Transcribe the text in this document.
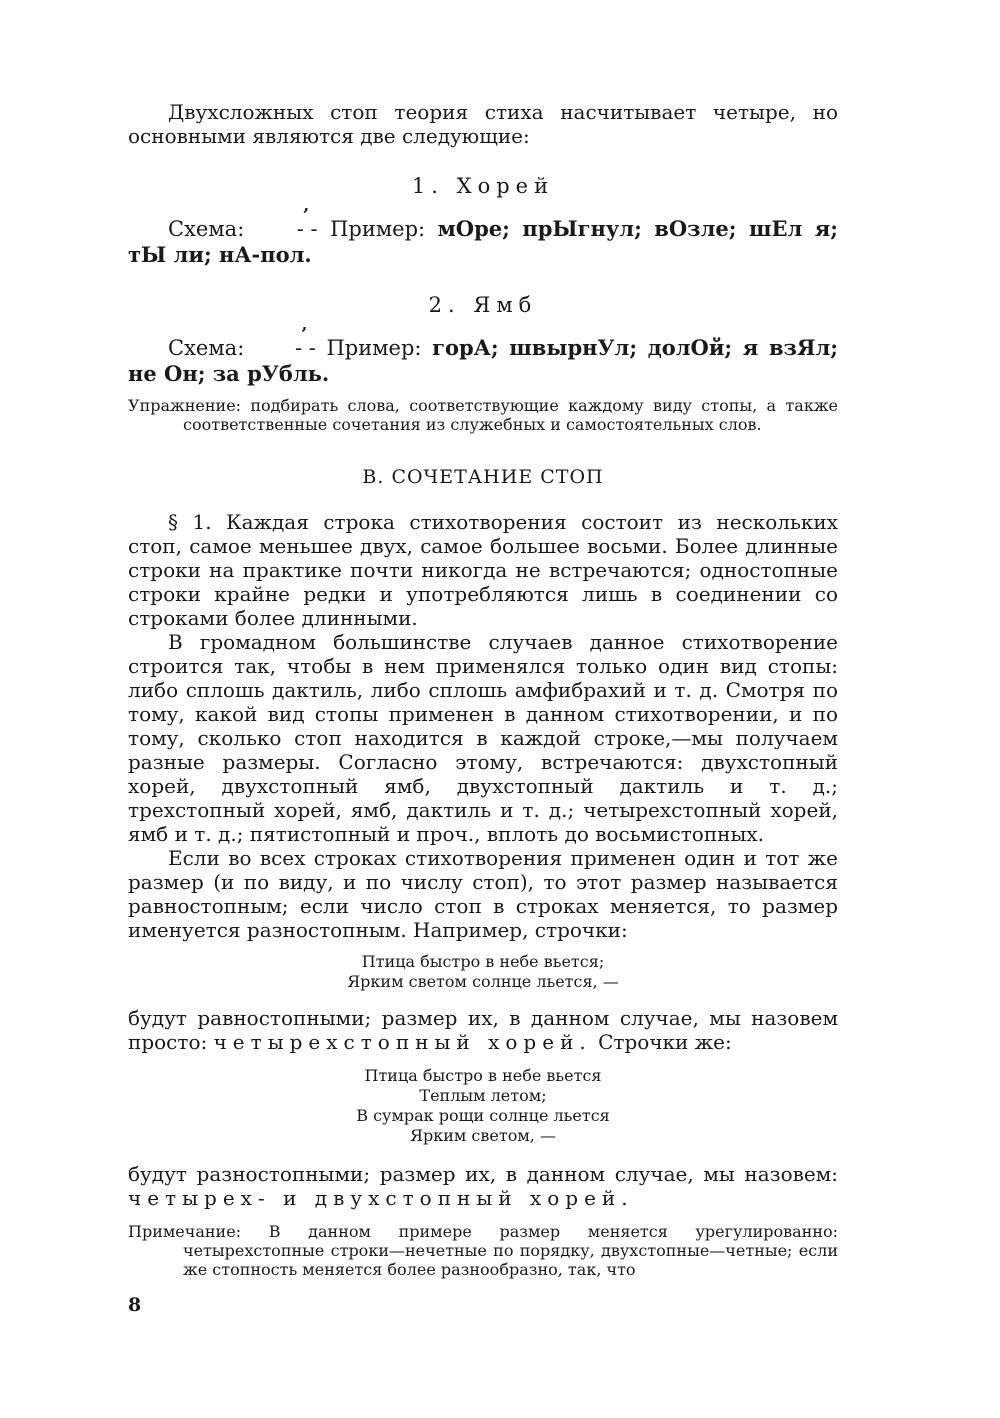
Двухсложных стоп теория стиха насчитывает четыре, но основными являются две следующие:

1. Хорей

Схема: ’ - - Пример: мОре; прЫгнул; вОзле; шЕл я; тЫ ли; нА-пол.

2. Ямб

Схема: ’ - - Пример: горА; швырнУл; долОй; я взЯл; не Он; за рУбль.

Упражнение: подбирать слова, соответствующие каждому виду стопы, а также соответственные сочетания из служебных и самостоятельных слов.

В. СОЧЕТАНИЕ СТОП

§ 1. Каждая строка стихотворения состоит из нескольких стоп, самое меньшее двух, самое большее восьми. Более длинные строки на практике почти никогда не встречаются; одностопные строки крайне редки и употребляются лишь в соединении со строками более длинными.

В громадном большинстве случаев данное стихотворение строится так, чтобы в нем применялся только один вид стопы: либо сплошь дактиль, либо сплошь амфибрахий и т. д. Смотря по тому, какой вид стопы применен в данном стихотворении, и по тому, сколько стоп находится в каждой строке,—мы получаем разные размеры. Согласно этому, встречаются: двухстопный хорей, двухстопный ямб, двухстопный дактиль и т. д.; трехстопный хорей, ямб, дактиль и т. д.; четырехстопный хорей, ямб и т. д.; пятистопный и проч., вплоть до восьмистопных.

Если во всех строках стихотворения применен один и тот же размер (и по виду, и по числу стоп), то этот размер называется равностопным; если число стоп в строках меняется, то размер именуется разностопным. Например, строчки:

Птица быстро в небе вьется;
Ярким светом солнце льется, —

будут равностопными; размер их, в данном случае, мы назовем просто: четырехстопный хорей. Строчки же:

Птица быстро в небе вьется
Теплым летом;
В сумрак рощи солнце льется
Ярким светом, —

будут разностопными; размер их, в данном случае, мы назовем: четырех- и двухстопный хорей.

Примечание: В данном примере размер меняется урегулированно: четырехстопные строки—нечетные по порядку, двухстопные—четные; если же стопность меняется более разнообразно, так, что

8
